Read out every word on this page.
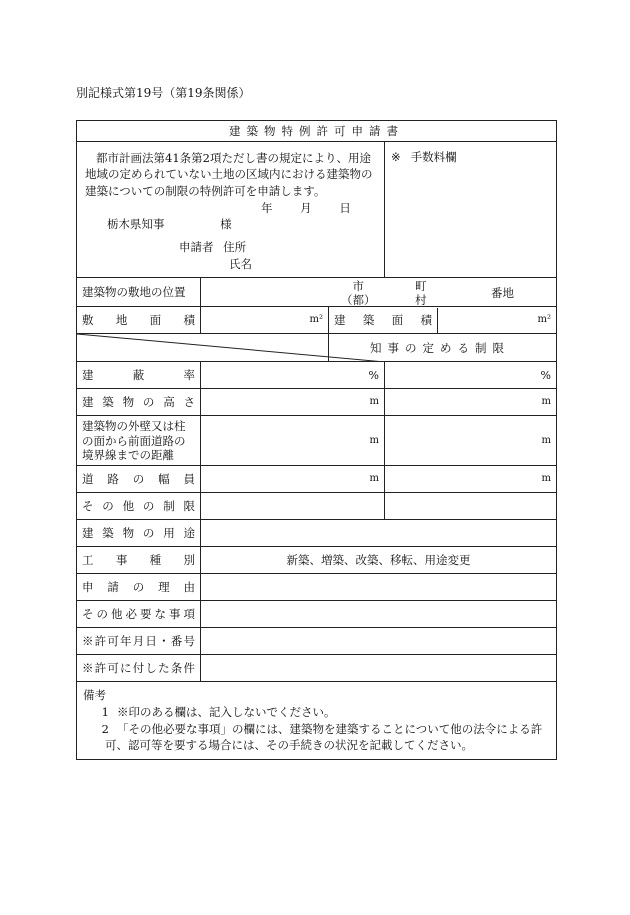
別記様式第19号（第19条関係）
建築物特例許可申請書

都市計画法第41条第2項ただし書の規定により、用途地域の定められていない土地の区域内における建築物の建築についての制限の特例許可を申請します。
年 月 日
栃木県知事	様
申請者 住所
氏名
	※ 手数料欄
建築物の敷地の位置	市
（都）
町
村	番地

敷地面積	m²	建築面積	m²

	知事の定める制限
建蔽率	%	%
建築物の高さ	m	m
建築物の外壁又は柱の面から前面道路の境界線までの距離	m	m
道路の幅員	m	m
その他の制限		
建築物の用途	
工事種別	新築、増築、改築、移転、用途変更
申請の理由	
その他必要な事項	
※許可年月日・番号	
※許可に付した条件	

備考
1 ※印のある欄は、記入しないでください。
2 「その他必要な事項」の欄には、建築物を建築することについて他の法令による許
可、認可等を要する場合には、その手続きの状況を記載してください。
